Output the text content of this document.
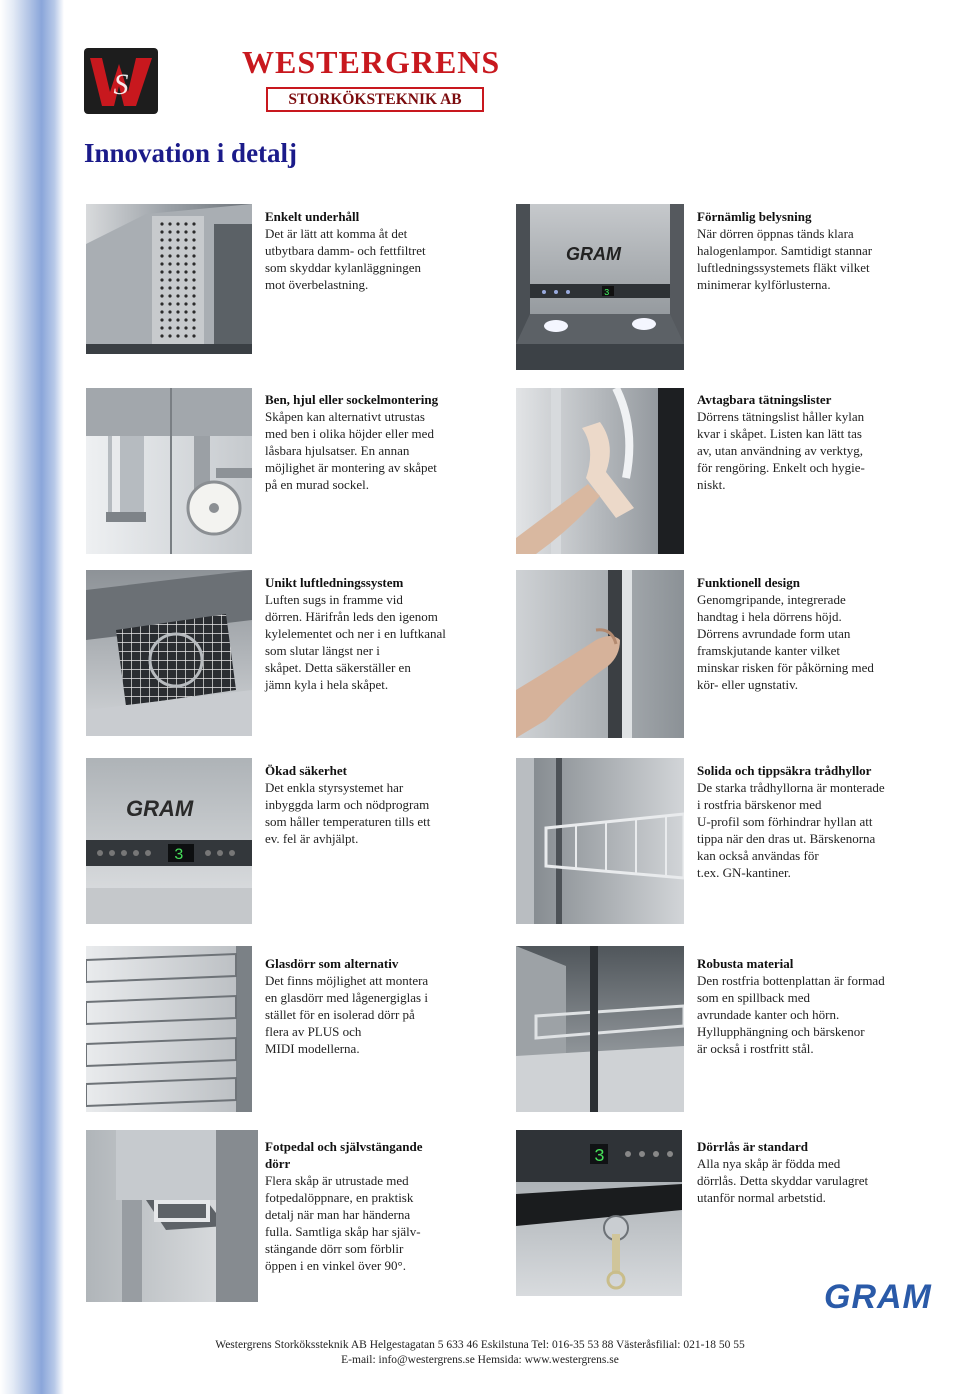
S
WESTERGRENS
STORKÖKSTEKNIK AB
Innovation i detalj
Enkelt underhåll
Det är lätt att komma åt det
utbytbara damm- och fettfiltret
som skyddar kylanläggningen
mot överbelastning.
3
GRAM
Förnämlig belysning
När dörren öppnas tänds klara
halogenlampor. Samtidigt stannar
luftledningssystemets fläkt vilket
minimerar kylförlusterna.
Ben, hjul eller sockelmontering
Skåpen kan alternativt utrustas
med ben i olika höjder eller med
låsbara hjulsatser. En annan
möjlighet är montering av skåpet
på en murad sockel.
Avtagbara tätningslister
Dörrens tätningslist håller kylan
kvar i skåpet. Listen kan lätt tas
av, utan användning av verktyg,
för rengöring. Enkelt och hygie-
niskt.
Unikt luftledningssystem
Luften sugs in framme vid
dörren. Härifrån leds den igenom
kylelementet och ner i en luftkanal
som slutar längst ner i
skåpet. Detta säkerställer en
jämn kyla i hela skåpet.
Funktionell design
Genomgripande, integrerade
handtag i hela dörrens höjd.
Dörrens avrundade form utan
framskjutande kanter vilket
minskar risken för påkörning med
kör- eller ugnstativ.
3
GRAM
Ökad säkerhet
Det enkla styrsystemet har
inbyggda larm och nödprogram
som håller temperaturen tills ett
ev. fel är avhjälpt.
Solida och tippsäkra trådhyllor
De starka trådhyllorna är monterade
i rostfria bärskenor med
U-profil som förhindrar hyllan att
tippa när den dras ut. Bärskenorna
kan också användas för
t.ex. GN-kantiner.
Glasdörr som alternativ
Det finns möjlighet att montera
en glasdörr med lågenergiglas i
stället för en isolerad dörr på
flera av PLUS och
MIDI modellerna.
Robusta material
Den rostfria bottenplattan är formad
som en spillback med
avrundade kanter och hörn.
Hyllupphängning och bärskenor
är också i rostfritt stål.
Fotpedal och självstängande
dörr
Flera skåp är utrustade med
fotpedalöppnare, en praktisk
detalj när man har händerna
fulla. Samtliga skåp har själv-
stängande dörr som förblir
öppen i en vinkel över 90°.
3
Dörrlås är standard
Alla nya skåp är födda med
dörrlås. Detta skyddar varulagret
utanför normal arbetstid.
GRAM
Westergrens Storkökssteknik AB Helgestagatan 5 633 46 Eskilstuna Tel: 016-35 53 88 Västeråsfilial: 021-18 50 55
E-mail: info@westergrens.se Hemsida: www.westergrens.se
